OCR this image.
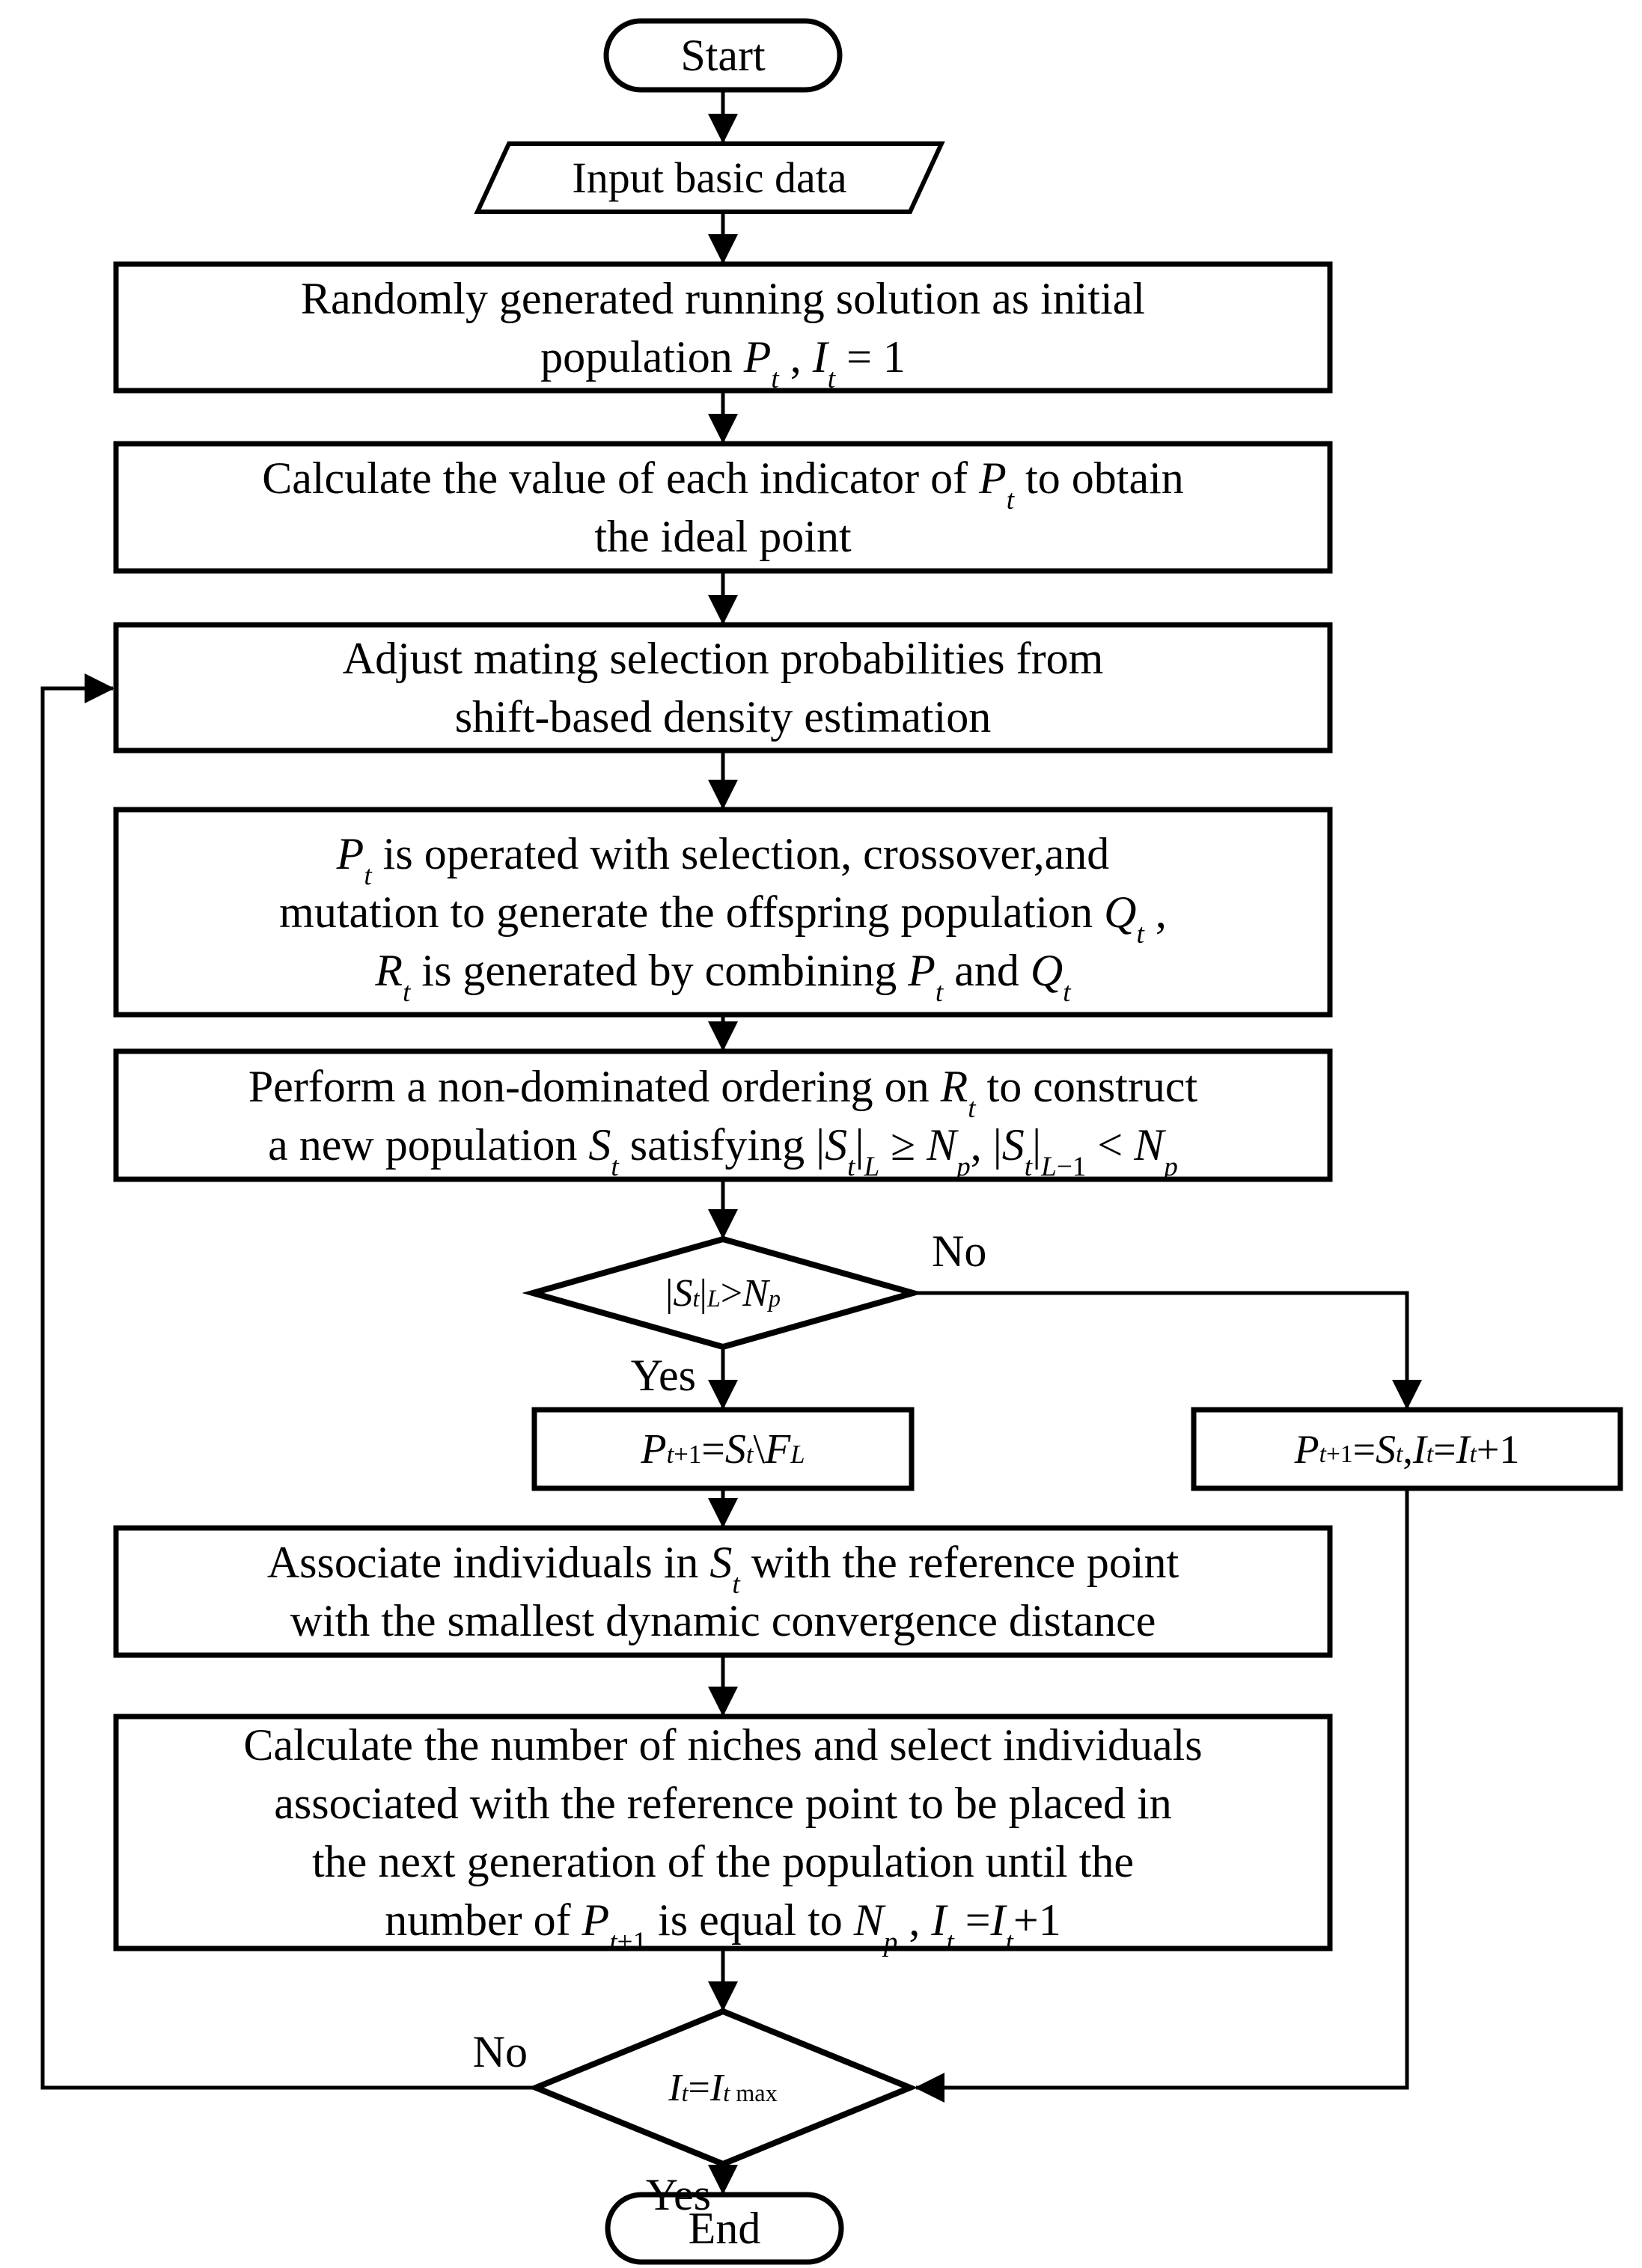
Start
Input basic data
Randomly generated running solution as initial
population $P_t$ , $I_t = 1$
Calculate the value of each indicator of $P_t$ to obtain
the ideal point
Adjust mating selection probabilities from
shift-based density estimation
$P_t$ is operated with selection, crossover,and
mutation to generate the offspring population $Q_t$ ,
$R_t$ is generated by combining $P_t$ and $Q_t$
Perform a non-dominated ordering on $R_t$ to construct
a new population $S_t$ satisfying $|S_t|_L \ge N_p$, $|S_t|_{L-1} < N_p$
| S $_t$ | $_L$ > N $_p$
Yes
No
P $_{t+1}$ = S $_t$ \ F $_L$	P $_{t+1}$ = S $_t$ , I $_t$ = I $_t$ +1
Associate individuals in $S_t$ with the reference point
with the smallest dynamic convergence distance
Calculate the number of niches and select individuals
associated with the reference point to be placed in
the next generation of the population until the
number of $P_{t+1}$ is equal to $N_p$ , $I_t =I_t+1$
I $_t$ = I $_{t max}$
No
Yes
End
